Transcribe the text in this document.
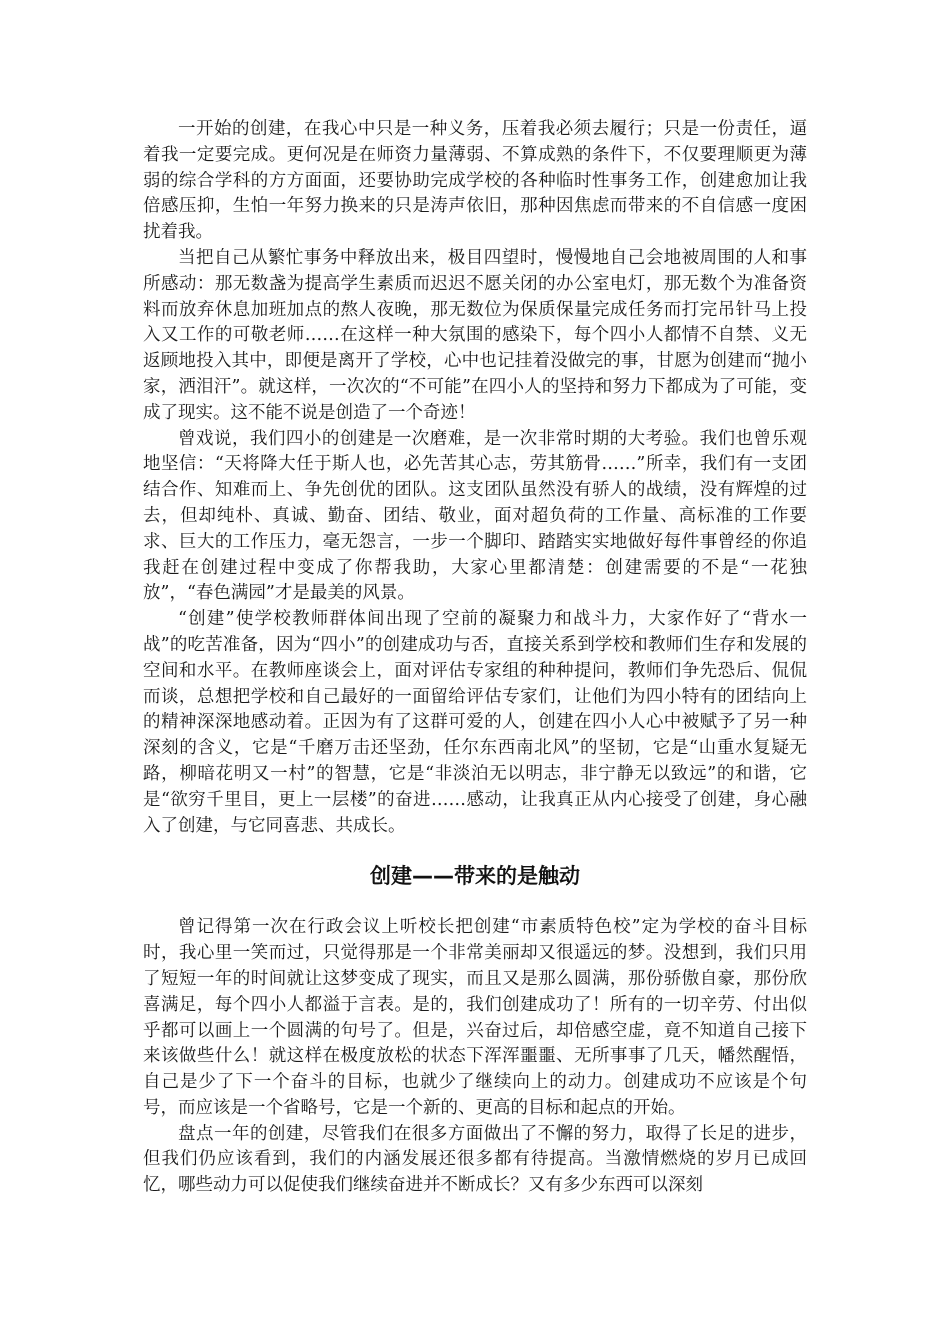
一开始的创建，在我心中只是一种义务，压着我必须去履行；只是一份责任，逼着我一定要完成。更何况是在师资力量薄弱、不算成熟的条件下，不仅要理顺更为薄弱的综合学科的方方面面，还要协助完成学校的各种临时性事务工作，创建愈加让我倍感压抑，生怕一年努力换来的只是涛声依旧，那种因焦虑而带来的不自信感一度困扰着我。

当把自己从繁忙事务中释放出来，极目四望时，慢慢地自己会地被周围的人和事所感动：那无数盏为提高学生素质而迟迟不愿关闭的办公室电灯，那无数个为准备资料而放弃休息加班加点的熬人夜晚，那无数位为保质保量完成任务而打完吊针马上投入又工作的可敬老师……在这样一种大氛围的感染下，每个四小人都情不自禁、义无返顾地投入其中，即便是离开了学校，心中也记挂着没做完的事，甘愿为创建而“抛小家，洒泪汗”。就这样，一次次的“不可能”在四小人的坚持和努力下都成为了可能，变成了现实。这不能不说是创造了一个奇迹！

曾戏说，我们四小的创建是一次磨难，是一次非常时期的大考验。我们也曾乐观地坚信：“天将降大任于斯人也，必先苦其心志，劳其筋骨……”所幸，我们有一支团结合作、知难而上、争先创优的团队。这支团队虽然没有骄人的战绩，没有辉煌的过去，但却纯朴、真诚、勤奋、团结、敬业，面对超负荷的工作量、高标准的工作要求、巨大的工作压力，毫无怨言，一步一个脚印、踏踏实实地做好每件事曾经的你追我赶在创建过程中变成了你帮我助，大家心里都清楚：创建需要的不是“一花独放”，“春色满园”才是最美的风景。

“创建”使学校教师群体间出现了空前的凝聚力和战斗力，大家作好了“背水一战”的吃苦准备，因为“四小”的创建成功与否，直接关系到学校和教师们生存和发展的空间和水平。在教师座谈会上，面对评估专家组的种种提问，教师们争先恐后、侃侃而谈，总想把学校和自己最好的一面留给评估专家们，让他们为四小特有的团结向上的精神深深地感动着。正因为有了这群可爱的人，创建在四小人心中被赋予了另一种深刻的含义，它是“千磨万击还坚劲，任尔东西南北风”的坚韧，它是“山重水复疑无路，柳暗花明又一村”的智慧，它是“非淡泊无以明志，非宁静无以致远”的和谐，它是“欲穷千里目，更上一层楼”的奋进……感动，让我真正从内心接受了创建，身心融入了创建，与它同喜悲、共成长。

创建——带来的是触动

曾记得第一次在行政会议上听校长把创建“市素质特色校”定为学校的奋斗目标时，我心里一笑而过，只觉得那是一个非常美丽却又很遥远的梦。没想到，我们只用了短短一年的时间就让这梦变成了现实，而且又是那么圆满，那份骄傲自豪，那份欣喜满足，每个四小人都溢于言表。是的，我们创建成功了！所有的一切辛劳、付出似乎都可以画上一个圆满的句号了。但是，兴奋过后，却倍感空虚，竟不知道自己接下来该做些什么！就这样在极度放松的状态下浑浑噩噩、无所事事了几天，幡然醒悟，自己是少了下一个奋斗的目标，也就少了继续向上的动力。创建成功不应该是个句号，而应该是一个省略号，它是一个新的、更高的目标和起点的开始。

盘点一年的创建，尽管我们在很多方面做出了不懈的努力，取得了长足的进步，但我们仍应该看到，我们的内涵发展还很多都有待提高。当激情燃烧的岁月已成回忆，哪些动力可以促使我们继续奋进并不断成长？又有多少东西可以深刻
